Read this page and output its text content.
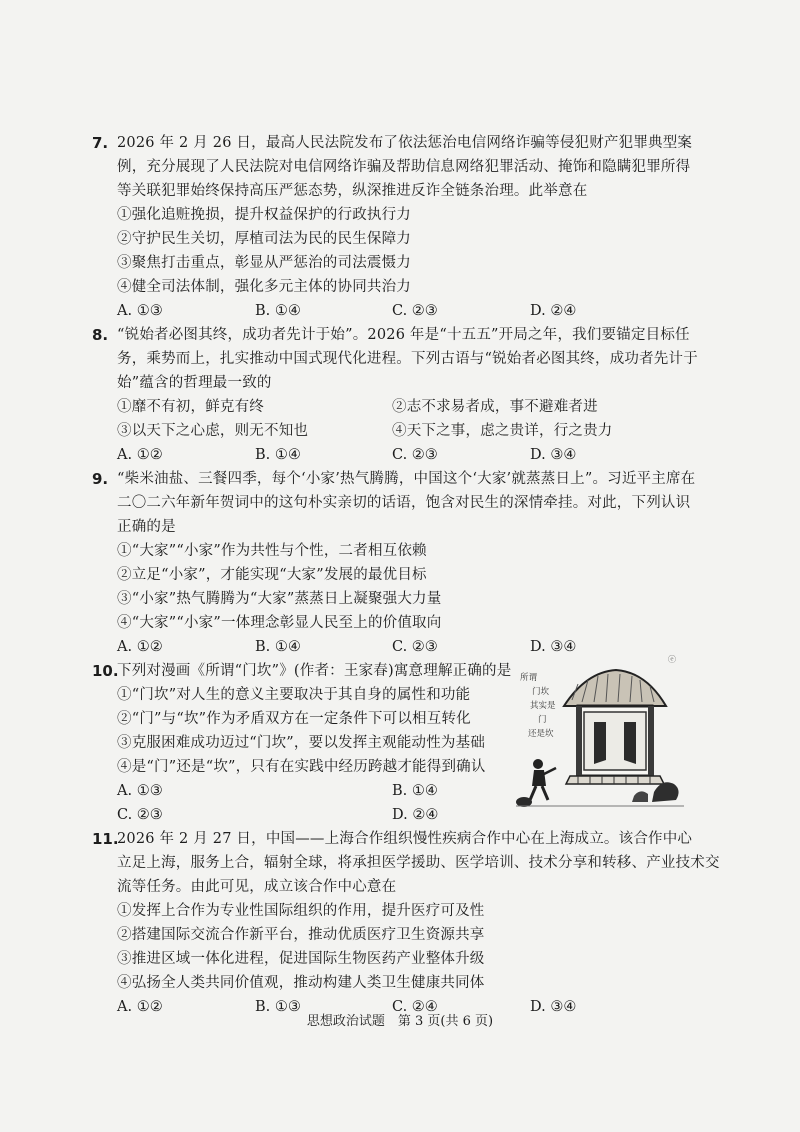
7. 2026 年 2 月 26 日，最高人民法院发布了依法惩治电信网络诈骗等侵犯财产犯罪典型案
例，充分展现了人民法院对电信网络诈骗及帮助信息网络犯罪活动、掩饰和隐瞒犯罪所得
等关联犯罪始终保持高压严惩态势，纵深推进反诈全链条治理。此举意在
①强化追赃挽损，提升权益保护的行政执行力
②守护民生关切，厚植司法为民的民生保障力
③聚焦打击重点，彰显从严惩治的司法震慑力
④健全司法体制，强化多元主体的协同共治力
A. ①③	B. ①④	C. ②③	D. ②④
8. “锐始者必图其终，成功者先计于始”。2026 年是“十五五”开局之年，我们要锚定目标任
务，乘势而上，扎实推动中国式现代化进程。下列古语与“锐始者必图其终，成功者先计于
始”蕴含的哲理最一致的
①靡不有初，鲜克有终	②志不求易者成，事不避难者进
③以天下之心虑，则无不知也	④天下之事，虑之贵详，行之贵力
A. ①②	B. ①④	C. ②③	D. ③④
9. “柴米油盐、三餐四季，每个‘小家’热气腾腾，中国这个‘大家’就蒸蒸日上”。习近平主席在
二〇二六年新年贺词中的这句朴实亲切的话语，饱含对民生的深情牵挂。对此，下列认识
正确的是
①“大家”“小家”作为共性与个性，二者相互依赖
②立足“小家”，才能实现“大家”发展的最优目标
③“小家”热气腾腾为“大家”蒸蒸日上凝聚强大力量
④“大家”“小家”一体理念彰显人民至上的价值取向
A. ①②	B. ①④	C. ②③	D. ③④
10.
下列对漫画《所谓“门坎”》(作者：王家春)寓意理解正确的是
①“门坎”对人生的意义主要取决于其自身的属性和功能
②“门”与“坎”作为矛盾双方在一定条件下可以相互转化
③克服困难成功迈过“门坎”，要以发挥主观能动性为基础
④是“门”还是“坎”，只有在实践中经历跨越才能得到确认
A. ①③	B. ①④
C. ②③	D. ②④
所谓
门坎
其实是
门
还是坎
ⓔ
11.
2026 年 2 月 27 日，中国——上海合作组织慢性疾病合作中心在上海成立。该合作中心
立足上海，服务上合，辐射全球，将承担医学援助、医学培训、技术分享和转移、产业技术交
流等任务。由此可见，成立该合作中心意在
①发挥上合作为专业性国际组织的作用，提升医疗可及性
②搭建国际交流合作新平台，推动优质医疗卫生资源共享
③推进区域一体化进程，促进国际生物医药产业整体升级
④弘扬全人类共同价值观，推动构建人类卫生健康共同体
A. ①②	B. ①③	C. ②④	D. ③④
思想政治试题　第 3 页(共 6 页)
